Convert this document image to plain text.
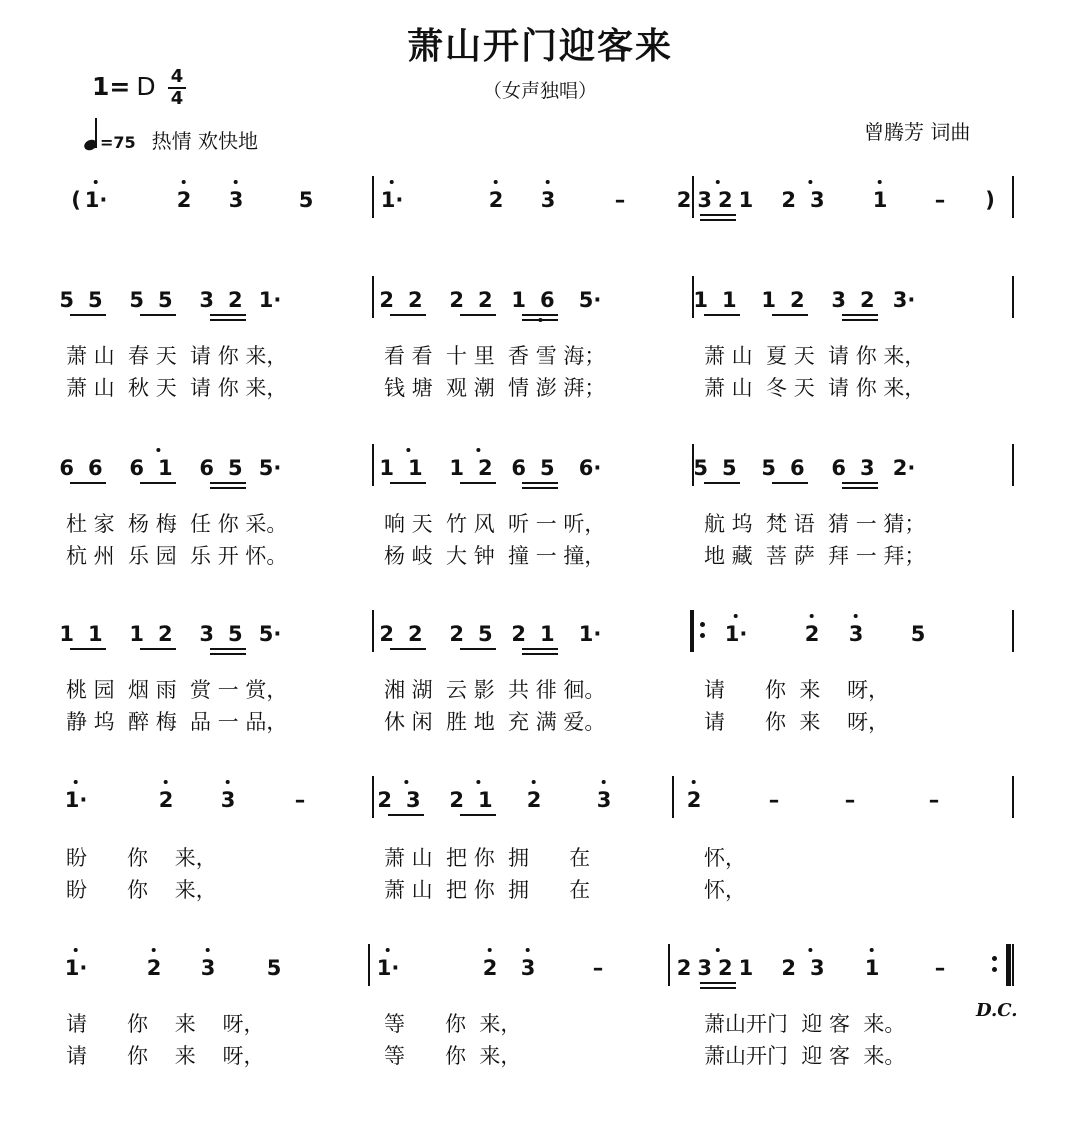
萧山开门迎客来
（女声独唱）
1= D 4
4
=75 热情 欢快地	曾腾芳 词曲
( 1·	2 3	5	1·	2 3	– 2321 23 1 – )
55 55 32 1·	22 22 16 5·	11 12 32 3·
萧 山  春 天  请 你 来，	看 看  十 里  香 雪 海；	萧 山  夏 天  请 你 来，
萧 山  秋 天  请 你 来，	钱 塘  观 潮  情 澎 湃；	萧 山  冬 天  请 你 来，
66 61 65 5·	11 12 65 6·	55 56 63 2·
杜 家  杨 梅  任 你 采。	响 天  竹 风  听 一 听，	航 坞  梵 语  猜 一 猜；
杭 州  乐 园  乐 开 怀。	杨 岐  大 钟  撞 一 撞，	地 藏  菩 萨  拜 一 拜；
11 12 35 5·	22 25 21 1·	1·	2 3 5
桃 园  烟 雨  赏 一 赏，	湘 湖  云 影  共 徘 徊。	请      你  来    呀，
静 坞  醉 梅  品 一 品，	休 闲  胜 地  充 满 爱。	请      你  来    呀，
1·	2 3	–	23 21 2	3	2	–	–	–
盼      你    来，	萧 山  把 你  拥      在	怀，
盼      你    来，	萧 山  把 你  拥      在	怀，
1·	2 3 5	1·	2 3	–	2321 23 1	–
请      你    来    呀，	等      你  来，	萧山开门  迎 客  来。
请      你    来    呀，	等      你  来，	萧山开门  迎 客  来。
D.C.
